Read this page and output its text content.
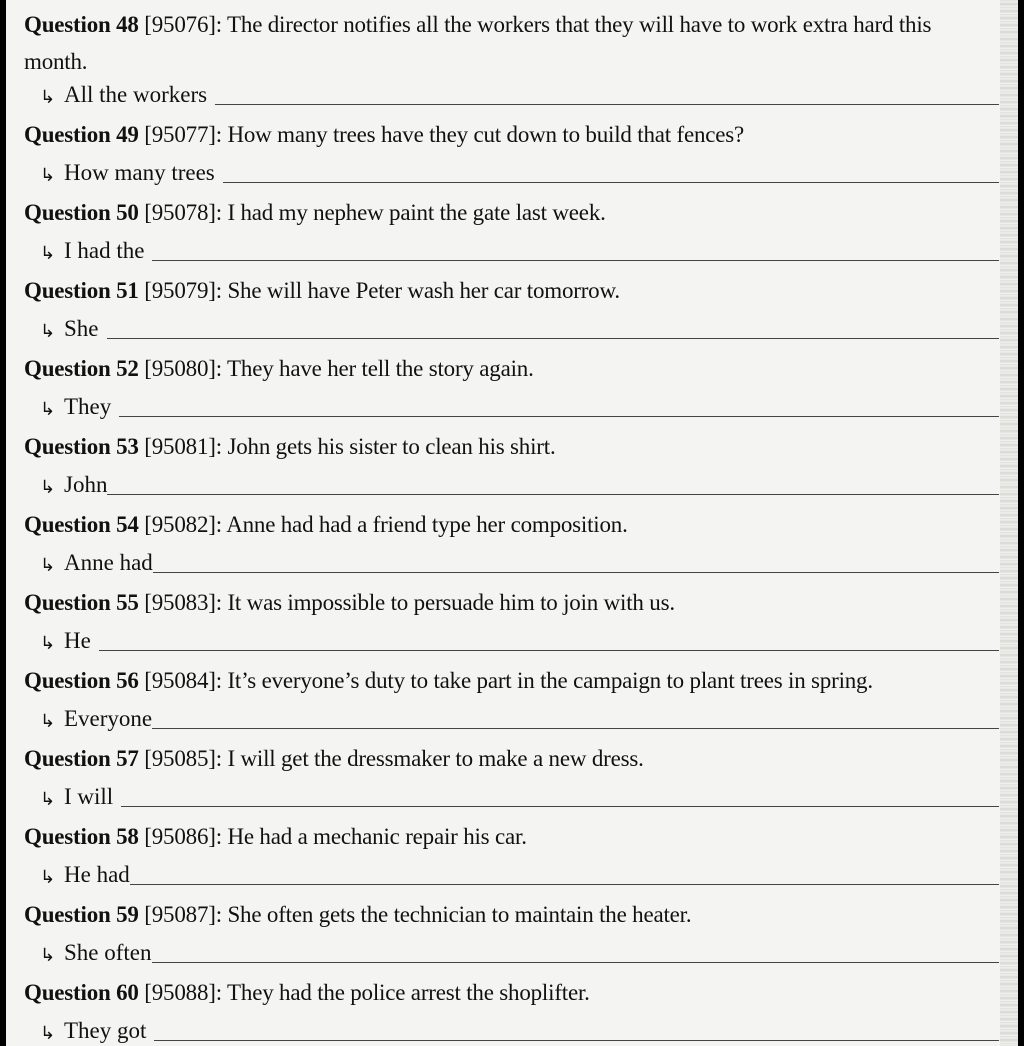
Question 48 [95076]: The director notifies all the workers that they will have to work extra hard this month.
↳ All the workers
Question 49 [95077]: How many trees have they cut down to build that fences?
↳ How many trees
Question 50 [95078]: I had my nephew paint the gate last week.
↳ I had the
Question 51 [95079]: She will have Peter wash her car tomorrow.
↳ She
Question 52 [95080]: They have her tell the story again.
↳ They
Question 53 [95081]: John gets his sister to clean his shirt.
↳ John
Question 54 [95082]: Anne had had a friend type her composition.
↳ Anne had
Question 55 [95083]: It was impossible to persuade him to join with us.
↳ He
Question 56 [95084]: It’s everyone’s duty to take part in the campaign to plant trees in spring.
↳ Everyone
Question 57 [95085]: I will get the dressmaker to make a new dress.
↳ I will
Question 58 [95086]: He had a mechanic repair his car.
↳ He had
Question 59 [95087]: She often gets the technician to maintain the heater.
↳ She often
Question 60 [95088]: They had the police arrest the shoplifter.
↳ They got
